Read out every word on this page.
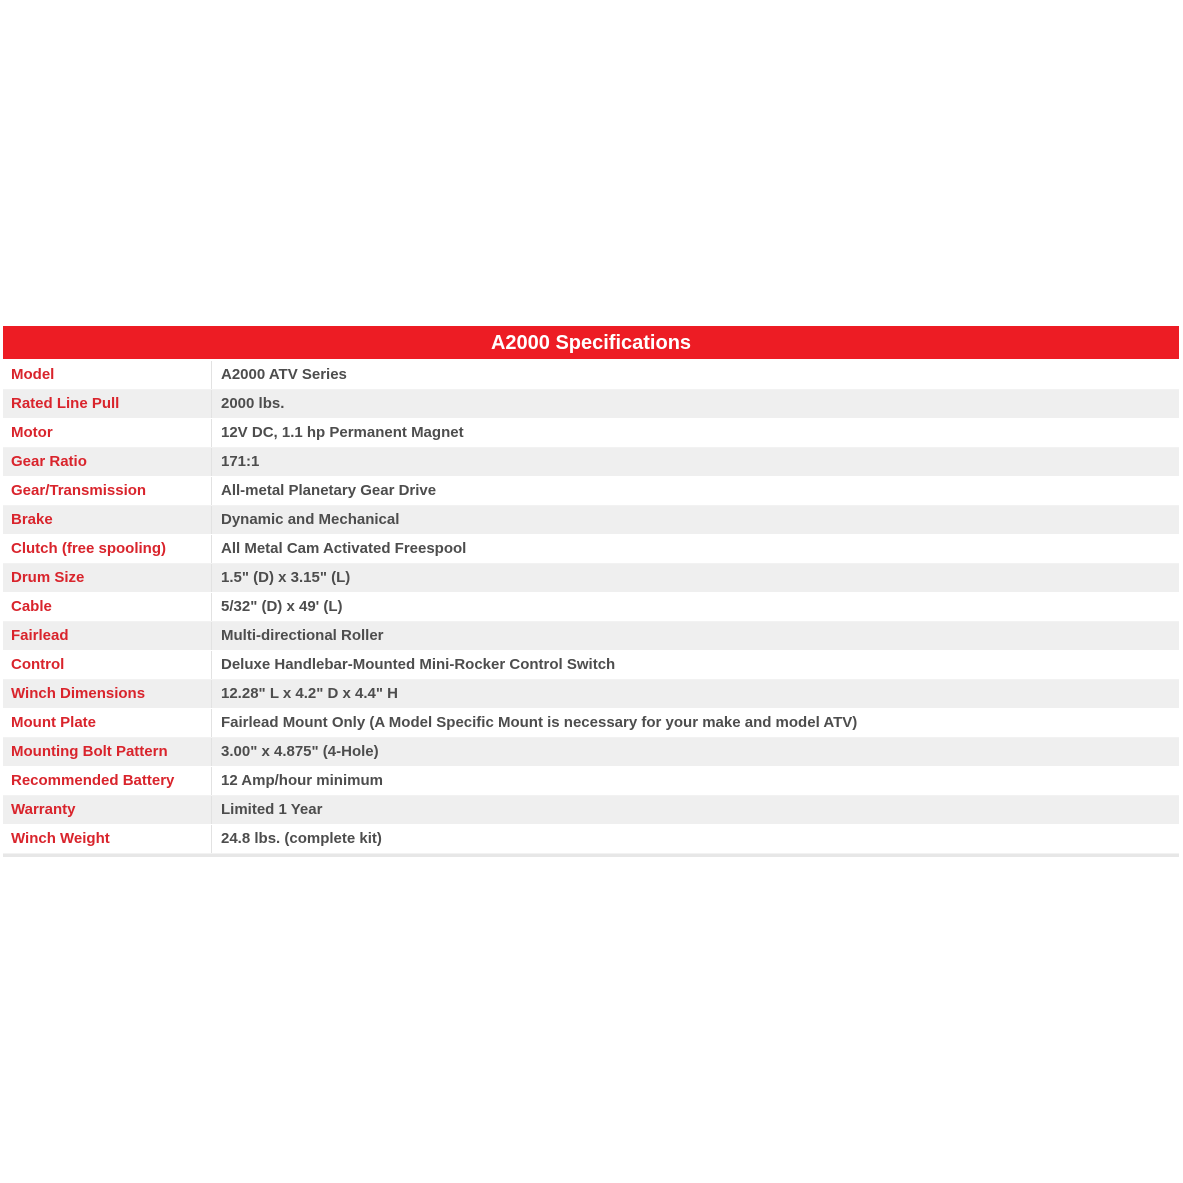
A2000 Specifications
Model	A2000 ATV Series
Rated Line Pull	2000 lbs.
Motor	12V DC, 1.1 hp Permanent Magnet
Gear Ratio	171:1
Gear/Transmission	All-metal Planetary Gear Drive
Brake	Dynamic and Mechanical
Clutch (free spooling)	All Metal Cam Activated Freespool
Drum Size	1.5" (D) x 3.15" (L)
Cable	5/32" (D) x 49' (L)
Fairlead	Multi-directional Roller
Control	Deluxe Handlebar-Mounted Mini-Rocker Control Switch
Winch Dimensions	12.28" L x 4.2" D x 4.4" H
Mount Plate	Fairlead Mount Only (A Model Specific Mount is necessary for your make and model ATV)
Mounting Bolt Pattern	3.00" x 4.875" (4-Hole)
Recommended Battery	12 Amp/hour minimum
Warranty	Limited 1 Year
Winch Weight	24.8 lbs. (complete kit)
